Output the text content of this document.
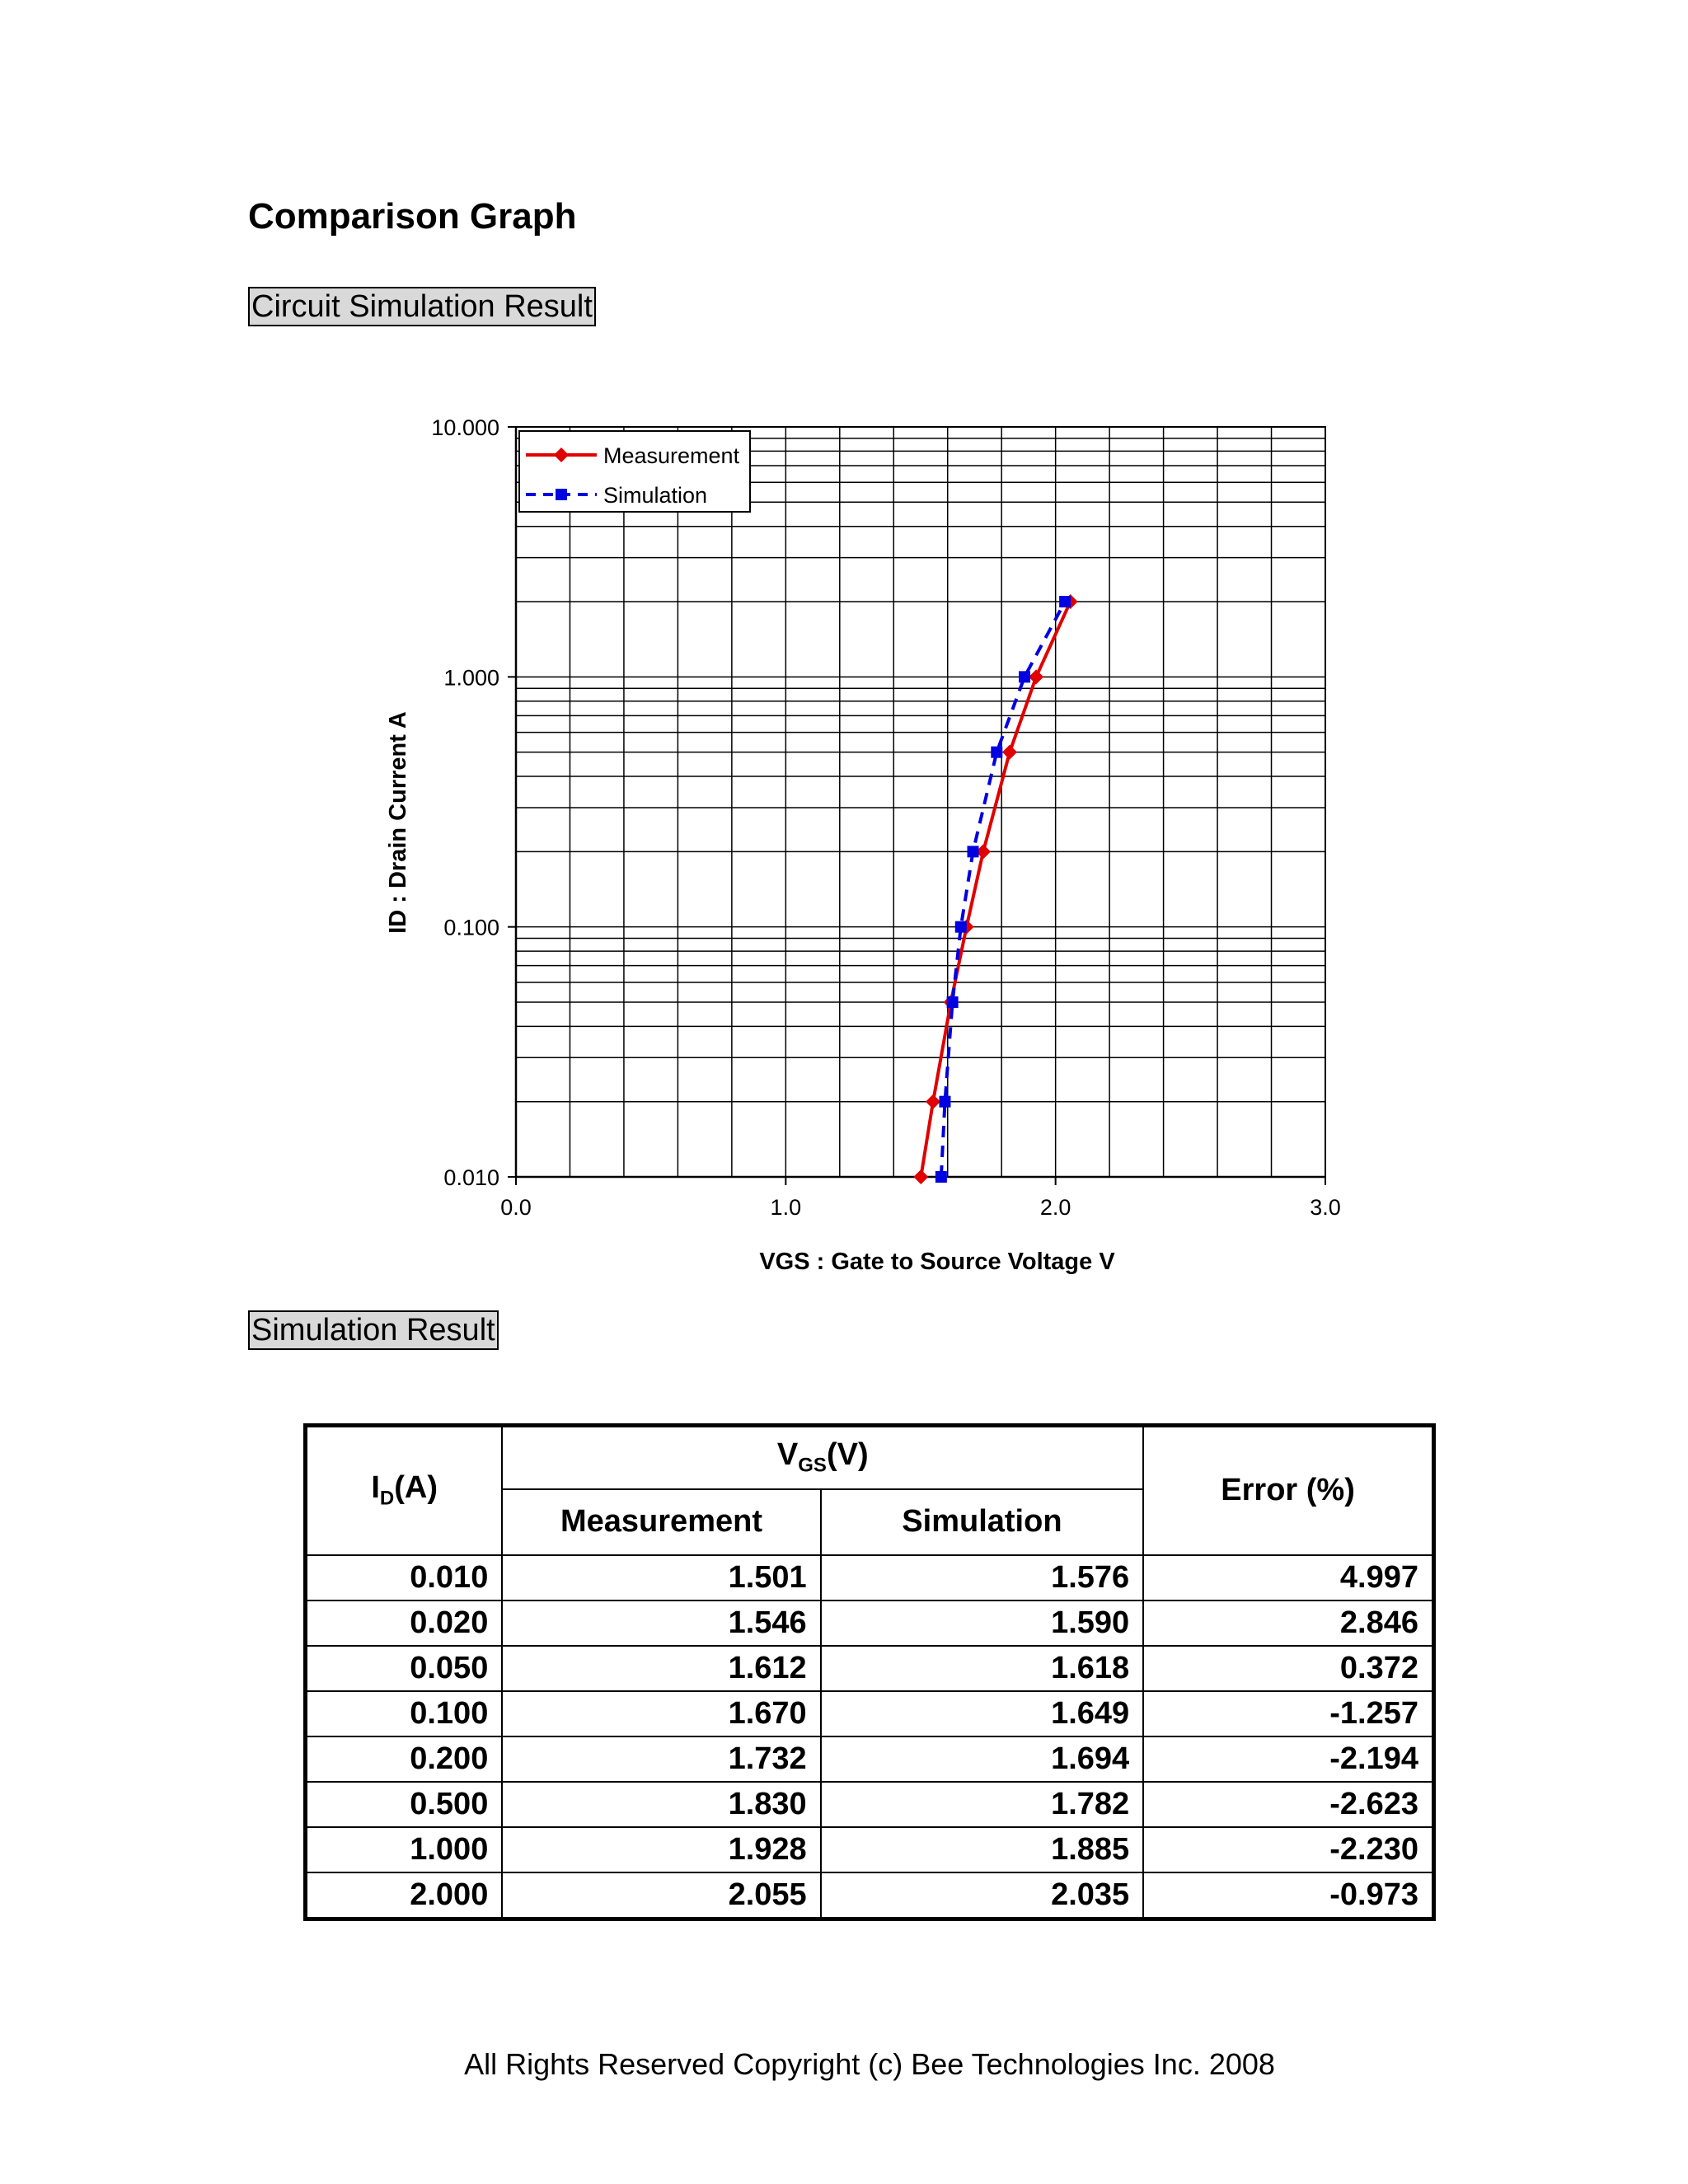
Comparison Graph
Circuit Simulation Result
0.0	1.0	2.0	3.0
0.010
0.100
1.000
10.000
VGS : Gate to Source Voltage V
ID : Drain Current A
Measurement
Simulation
Simulation Result
$I_D(A)$	$V_{GS}(V)$		Error (%)
	Measurement	Simulation	
0.010	1.501	1.576	4.997
0.020	1.546	1.590	2.846
0.050	1.612	1.618	0.372
0.100	1.670	1.649	-1.257
0.200	1.732	1.694	-2.194
0.500	1.830	1.782	-2.623
1.000	1.928	1.885	-2.230
2.000	2.055	2.035	-0.973
All Rights Reserved Copyright (c) Bee Technologies Inc. 2008
